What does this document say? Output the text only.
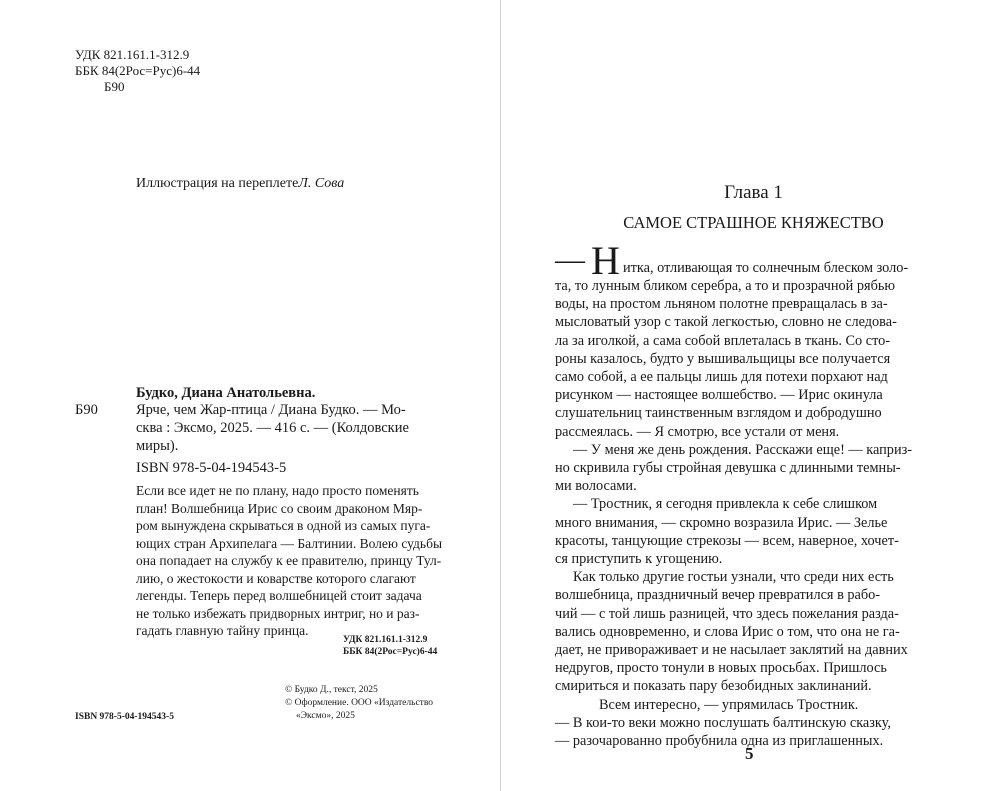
УДК 821.161.1-312.9
ББК 84(2Рос=Рус)6-44
Б90
Иллюстрация на переплетеЛ. Сова
Будко, Диана Анатольевна.
Б90	Ярче, чем Жар-птица / Диана Будко. — Мо-
сква : Эксмо, 2025. — 416 с. — (Колдовские
миры).
ISBN 978-5-04-194543-5
Если все идет не по плану, надо просто поменять
план! Волшебница Ирис со своим драконом Мяр-
ром вынуждена скрываться в одной из самых пуга-
ющих стран Архипелага — Балтинии. Волею судьбы
она попадает на службу к ее правителю, принцу Тул-
лию, о жестокости и коварстве которого слагают
легенды. Теперь перед волшебницей стоит задача
не только избежать придворных интриг, но и раз-
гадать главную тайну принца.
УДК 821.161.1-312.9
ББК 84(2Рос=Рус)6-44
© Будко Д., текст, 2025
© Оформление. ООО «Издательство
«Эксмо», 2025
ISBN 978-5-04-194543-5
Глава 1
САМОЕ СТРАШНОЕ КНЯЖЕСТВО
— Н итка, отливающая то солнечным блеском золо-
та, то лунным бликом серебра, а то и прозрачной рябью
воды, на простом льняном полотне превращалась в за-
мысловатый узор с такой легкостью, словно не следова-
ла за иголкой, а сама собой вплеталась в ткань. Со сто-
роны казалось, будто у вышивальщицы все получается
само собой, а ее пальцы лишь для потехи порхают над
рисунком — настоящее волшебство. — Ирис окинула
слушательниц таинственным взглядом и добродушно
рассмеялась. — Я смотрю, все устали от меня.
— У меня же день рождения. Расскажи еще! — каприз-
но скривила губы стройная девушка с длинными темны-
ми волосами.
— Тростник, я сегодня привлекла к себе слишком
много внимания, — скромно возразила Ирис. — Зелье
красоты, танцующие стрекозы — всем, наверное, хочет-
ся приступить к угощению.
Как только другие гостьи узнали, что среди них есть
волшебница, праздничный вечер превратился в рабо-
чий — с той лишь разницей, что здесь пожелания разда-
вались одновременно, и слова Ирис о том, что она не га-
дает, не привораживает и не насылает заклятий на давних
недругов, просто тонули в новых просьбах. Пришлось
смириться и показать пару безобидных заклинаний.
Всем интересно, — упрямилась Тростник.
— В кои-то веки можно послушать балтинскую сказку,
— разочарованно пробубнила одна из приглашенных.
5
